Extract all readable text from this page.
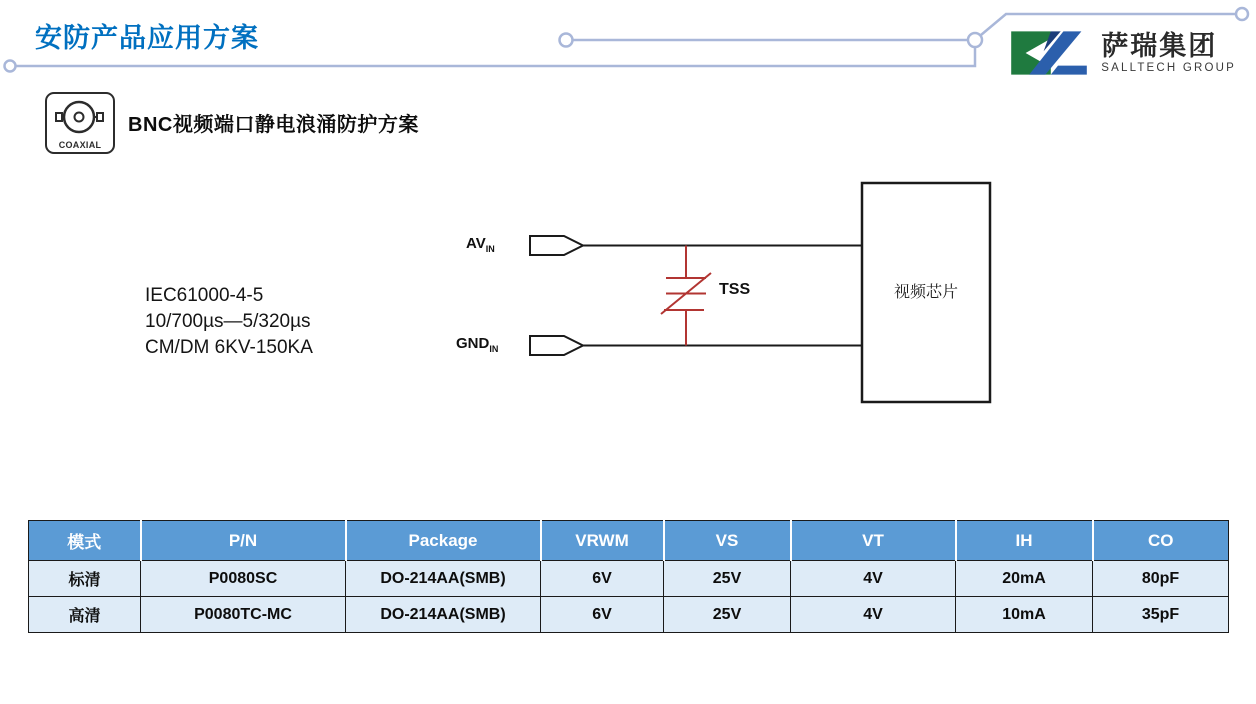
安防产品应用方案	萨瑞集团
SALLTECH GROUP
COAXIAL
BNC视频端口静电浪涌防护方案
IEC61000-4-5
10/700µs—5/320µs
CM/DM 6KV-150KA
$AV_{IN}$
$GND_{IN}$
TSS	视频芯片
模式	P/N	Package	VRWM	VS	VT	IH	CO
标清	P0080SC	DO-214AA(SMB)	6V	25V	4V	20mA	80pF
高清	P0080TC-MC	DO-214AA(SMB)	6V	25V	4V	10mA	35pF
